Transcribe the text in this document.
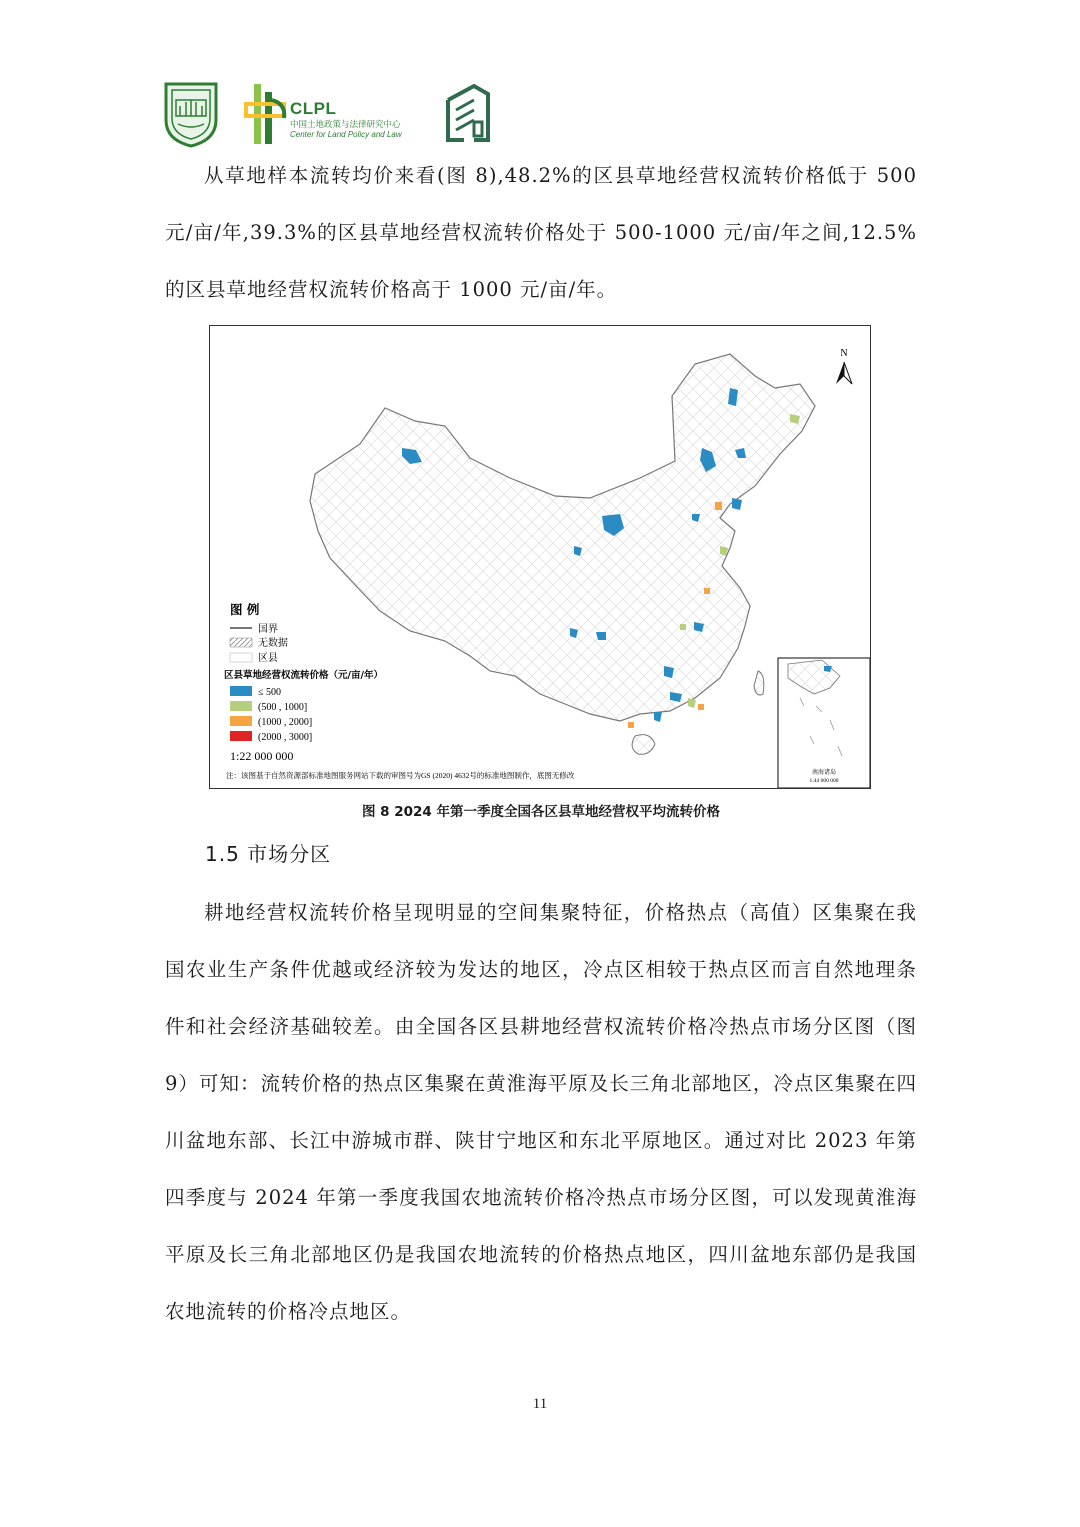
CLPL
中国土地政策与法律研究中心
Center for Land Policy and Law

从草地样本流转均价来看(图 8),48.2%的区县草地经营权流转价格低于 500 元/亩/年,39.3%的区县草地经营权流转价格处于 500-1000 元/亩/年之间,12.5%的区县草地经营权流转价格高于 1000 元/亩/年。

N
南海诸岛
1:44 000 000
图 例
国界
无数据
区县
区县草地经营权流转价格（元/亩/年）
≤ 500
(500 , 1000]
(1000 , 2000]
(2000 , 3000]
1:22 000 000
注：该图基于自然资源部标准地图服务网站下载的审图号为GS (2020) 4632号的标准地图制作，底图无修改
图 8 2024 年第一季度全国各区县草地经营权平均流转价格
1.5 市场分区

耕地经营权流转价格呈现明显的空间集聚特征，价格热点（高值）区集聚在我国农业生产条件优越或经济较为发达的地区，冷点区相较于热点区而言自然地理条件和社会经济基础较差。由全国各区县耕地经营权流转价格冷热点市场分区图（图 9）可知：流转价格的热点区集聚在黄淮海平原及长三角北部地区，冷点区集聚在四川盆地东部、长江中游城市群、陕甘宁地区和东北平原地区。通过对比 2023 年第四季度与 2024 年第一季度我国农地流转价格冷热点市场分区图，可以发现黄淮海平原及长三角北部地区仍是我国农地流转的价格热点地区，四川盆地东部仍是我国农地流转的价格冷点地区。

11
